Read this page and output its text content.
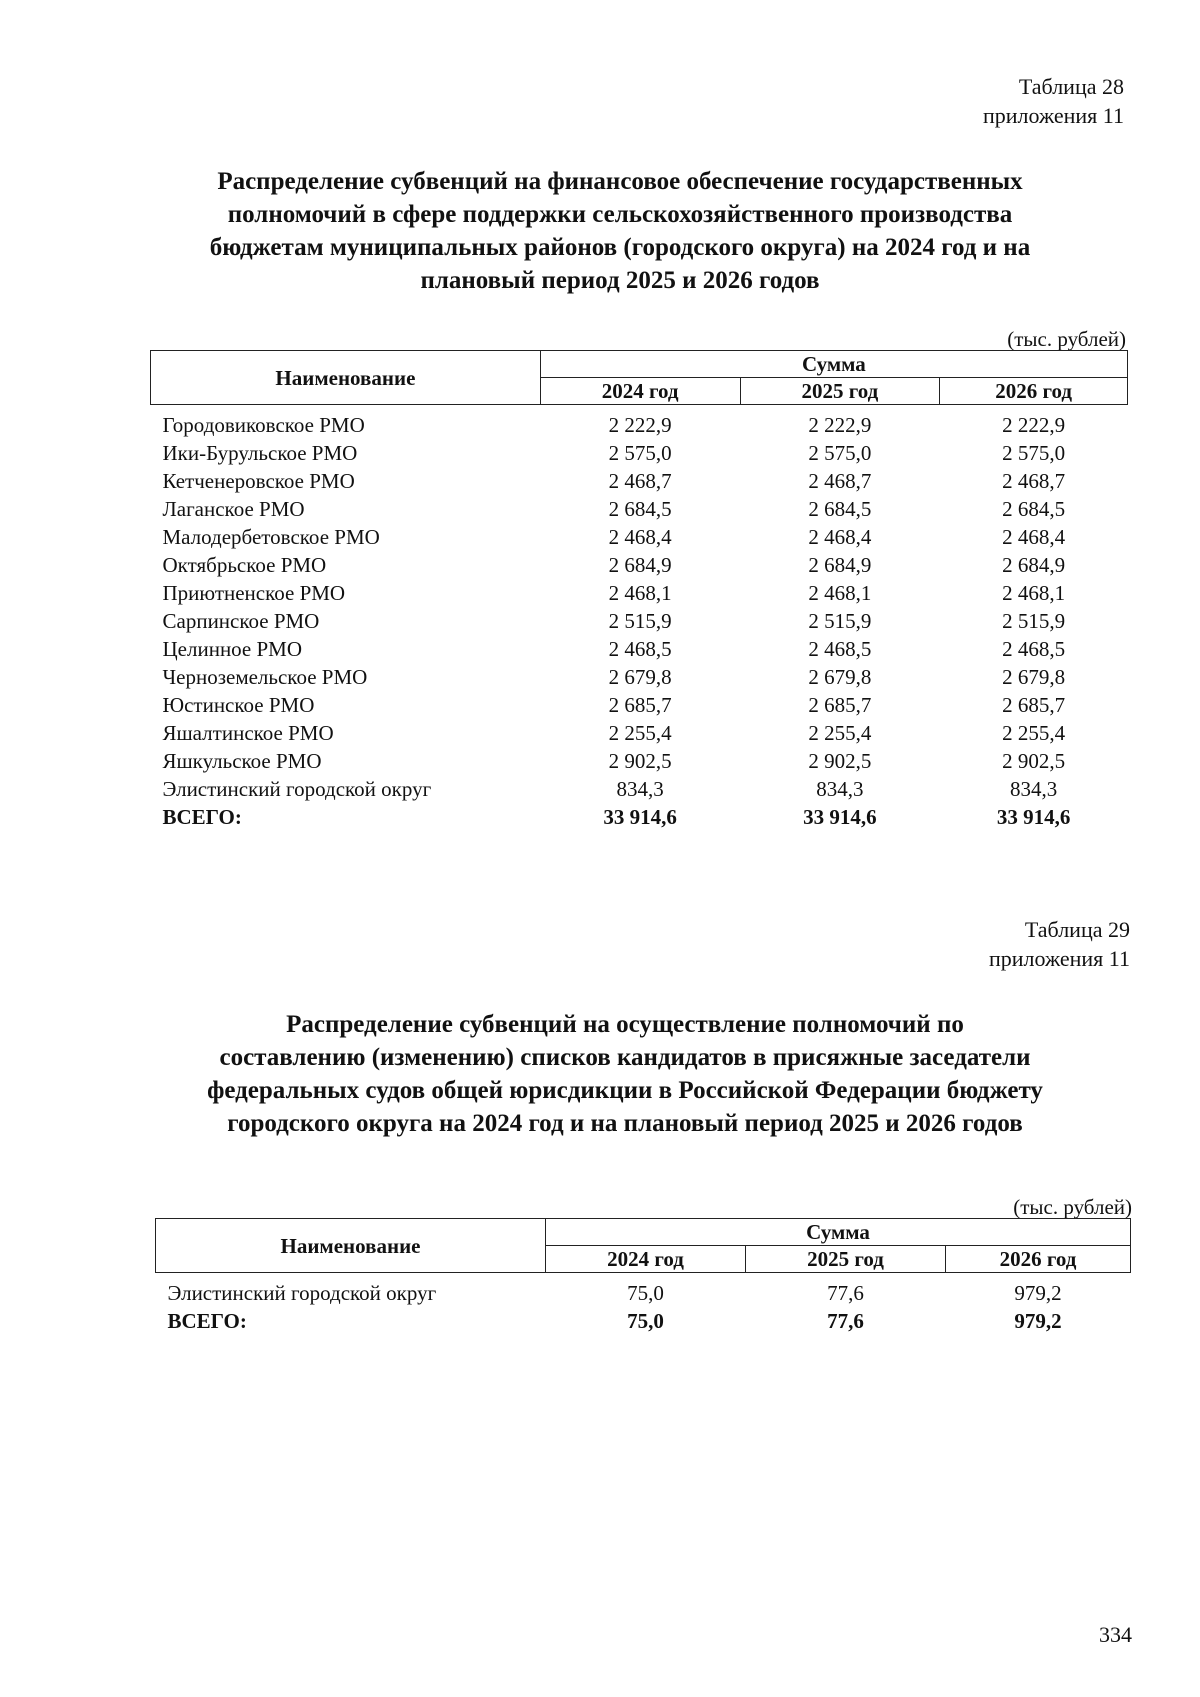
Таблица 28
приложения 11
Распределение субвенций на финансовое обеспечение государственных
полномочий в сфере поддержки сельскохозяйственного производства
бюджетам муниципальных районов (городского округа) на 2024 год и на
плановый период 2025 и 2026 годов
(тыс. рублей)
Наименование	Сумма		
	2024 год	2025 год	2026 год

Городовиковское РМО	2 222,9	2 222,9	2 222,9
Ики-Бурульское РМО	2 575,0	2 575,0	2 575,0
Кетченеровское РМО	2 468,7	2 468,7	2 468,7
Лаганское РМО	2 684,5	2 684,5	2 684,5
Малодербетовское РМО	2 468,4	2 468,4	2 468,4
Октябрьское РМО	2 684,9	2 684,9	2 684,9
Приютненское РМО	2 468,1	2 468,1	2 468,1
Сарпинское РМО	2 515,9	2 515,9	2 515,9
Целинное РМО	2 468,5	2 468,5	2 468,5
Черноземельское РМО	2 679,8	2 679,8	2 679,8
Юстинское РМО	2 685,7	2 685,7	2 685,7
Яшалтинское РМО	2 255,4	2 255,4	2 255,4
Яшкульское РМО	2 902,5	2 902,5	2 902,5
Элистинский городской округ	834,3	834,3	834,3
ВСЕГО:	33 914,6	33 914,6	33 914,6
Таблица 29
приложения 11
Распределение субвенций на осуществление полномочий по
составлению (изменению) списков кандидатов в присяжные заседатели
федеральных судов общей юрисдикции в Российской Федерации бюджету
городского округа на 2024 год и на плановый период 2025 и 2026 годов
(тыс. рублей)
Наименование	Сумма		
	2024 год	2025 год	2026 год

Элистинский городской округ	75,0	77,6	979,2
ВСЕГО:	75,0	77,6	979,2
334
